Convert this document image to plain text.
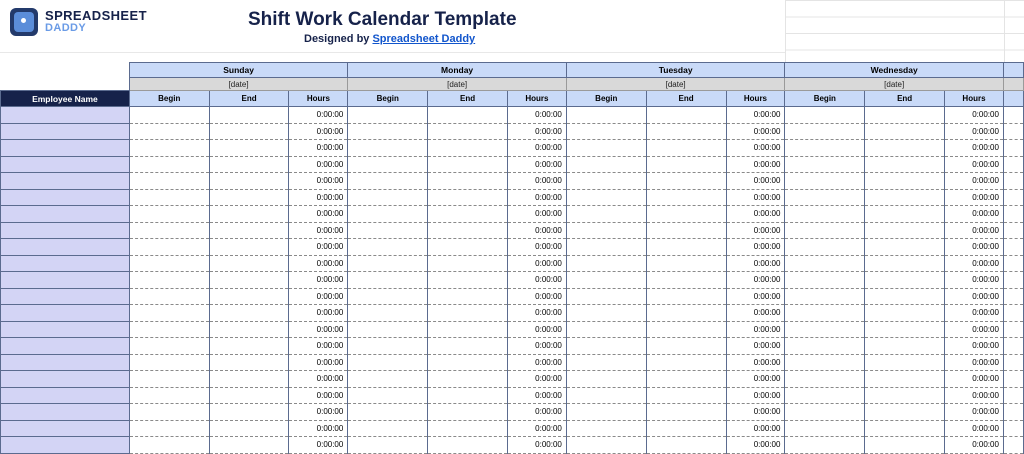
SPREADSHEET
DADDY	Shift Work Calendar Template
Designed by Spreadsheet Daddy
	Sunday			Monday			Tuesday			Wednesday			
	[date]			[date]			[date]			[date]			
Employee Name	Begin	End	Hours	Begin	End	Hours	Begin	End	Hours	Begin	End	Hours	
			0:00:00			0:00:00			0:00:00			0:00:00	
			0:00:00			0:00:00			0:00:00			0:00:00	
			0:00:00			0:00:00			0:00:00			0:00:00	
			0:00:00			0:00:00			0:00:00			0:00:00	
			0:00:00			0:00:00			0:00:00			0:00:00	
			0:00:00			0:00:00			0:00:00			0:00:00	
			0:00:00			0:00:00			0:00:00			0:00:00	
			0:00:00			0:00:00			0:00:00			0:00:00	
			0:00:00			0:00:00			0:00:00			0:00:00	
			0:00:00			0:00:00			0:00:00			0:00:00	
			0:00:00			0:00:00			0:00:00			0:00:00	
			0:00:00			0:00:00			0:00:00			0:00:00	
			0:00:00			0:00:00			0:00:00			0:00:00	
			0:00:00			0:00:00			0:00:00			0:00:00	
			0:00:00			0:00:00			0:00:00			0:00:00	
			0:00:00			0:00:00			0:00:00			0:00:00	
			0:00:00			0:00:00			0:00:00			0:00:00	
			0:00:00			0:00:00			0:00:00			0:00:00	
			0:00:00			0:00:00			0:00:00			0:00:00	
			0:00:00			0:00:00			0:00:00			0:00:00	
			0:00:00			0:00:00			0:00:00			0:00:00	
